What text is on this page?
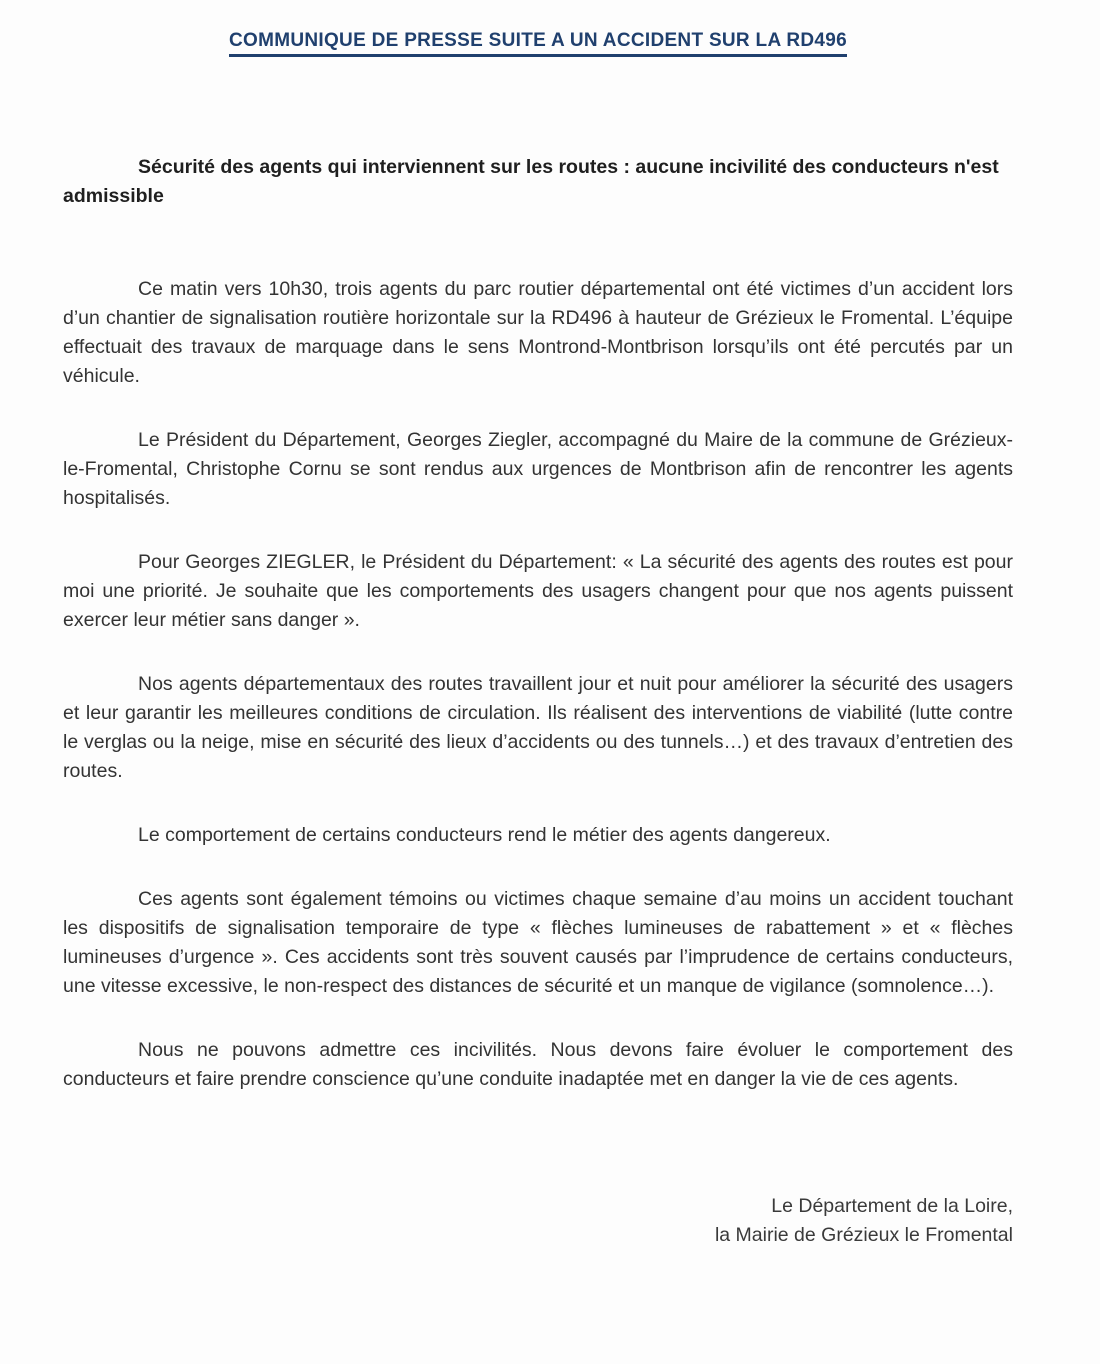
COMMUNIQUE DE PRESSE SUITE A UN ACCIDENT SUR LA RD496

Sécurité des agents qui interviennent sur les routes : aucune incivilité des conducteurs n'est admissible

Ce matin vers 10h30, trois agents du parc routier départemental ont été victimes d’un accident lors d’un chantier de signalisation routière horizontale sur la RD496 à hauteur de Grézieux le Fromental. L’équipe effectuait des travaux de marquage dans le sens Montrond-Montbrison lorsqu’ils ont été percutés par un véhicule.

Le Président du Département, Georges Ziegler, accompagné du Maire de la commune de Grézieux-le-Fromental, Christophe Cornu se sont rendus aux urgences de Montbrison afin de rencontrer les agents hospitalisés.

Pour Georges ZIEGLER, le Président du Département: « La sécurité des agents des routes est pour moi une priorité. Je souhaite que les comportements des usagers changent pour que nos agents puissent exercer leur métier sans danger ».

Nos agents départementaux des routes travaillent jour et nuit pour améliorer la sécurité des usagers et leur garantir les meilleures conditions de circulation. Ils réalisent des interventions de viabilité (lutte contre le verglas ou la neige, mise en sécurité des lieux d’accidents ou des tunnels…) et des travaux d’entretien des routes.

Le comportement de certains conducteurs rend le métier des agents dangereux.

Ces agents sont également témoins ou victimes chaque semaine d’au moins un accident touchant les dispositifs de signalisation temporaire de type « flèches lumineuses de rabattement » et « flèches lumineuses d’urgence ». Ces accidents sont très souvent causés par l’imprudence de certains conducteurs, une vitesse excessive, le non-respect des distances de sécurité et un manque de vigilance (somnolence…).

Nous ne pouvons admettre ces incivilités. Nous devons faire évoluer le comportement des conducteurs et faire prendre conscience qu’une conduite inadaptée met en danger la vie de ces agents.

Le Département de la Loire,
la Mairie de Grézieux le Fromental
